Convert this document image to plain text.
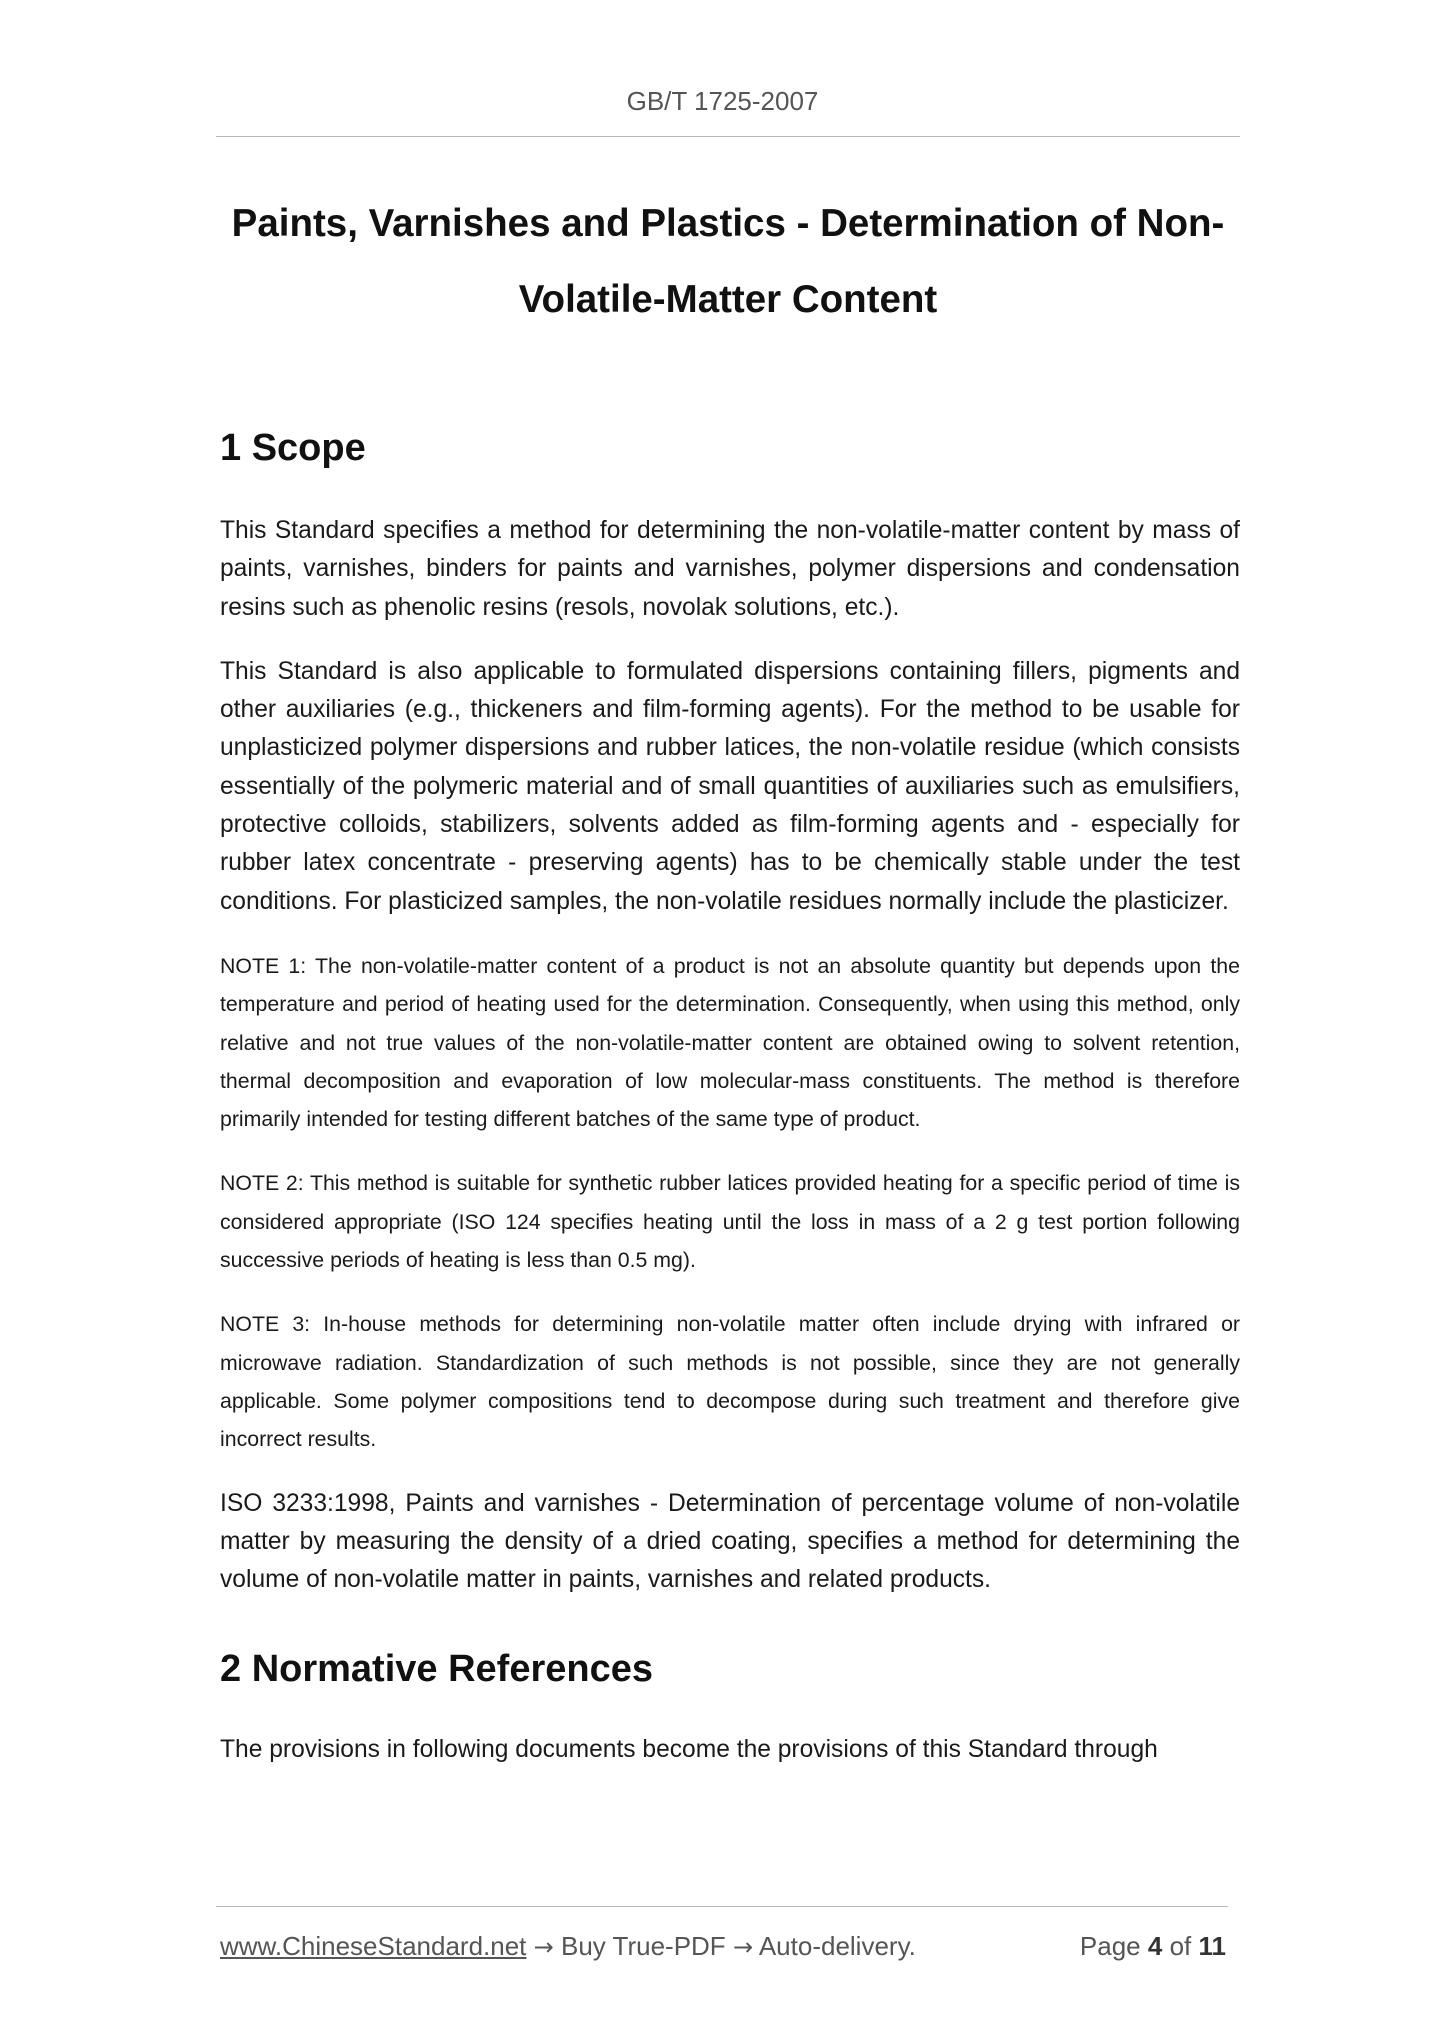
GB/T 1725-2007
Paints, Varnishes and Plastics - Determination of Non-Volatile-Matter Content
1 Scope

This Standard specifies a method for determining the non-volatile-matter content by mass of paints, varnishes, binders for paints and varnishes, polymer dispersions and condensation resins such as phenolic resins (resols, novolak solutions, etc.).

This Standard is also applicable to formulated dispersions containing fillers, pigments and other auxiliaries (e.g., thickeners and film-forming agents). For the method to be usable for unplasticized polymer dispersions and rubber latices, the non-volatile residue (which consists essentially of the polymeric material and of small quantities of auxiliaries such as emulsifiers, protective colloids, stabilizers, solvents added as film-forming agents and - especially for rubber latex concentrate - preserving agents) has to be chemically stable under the test conditions. For plasticized samples, the non-volatile residues normally include the plasticizer.

NOTE 1: The non-volatile-matter content of a product is not an absolute quantity but depends upon the temperature and period of heating used for the determination. Consequently, when using this method, only relative and not true values of the non-volatile-matter content are obtained owing to solvent retention, thermal decomposition and evaporation of low molecular-mass constituents. The method is therefore primarily intended for testing different batches of the same type of product.

NOTE 2: This method is suitable for synthetic rubber latices provided heating for a specific period of time is considered appropriate (ISO 124 specifies heating until the loss in mass of a 2 g test portion following successive periods of heating is less than 0.5 mg).

NOTE 3: In-house methods for determining non-volatile matter often include drying with infrared or microwave radiation. Standardization of such methods is not possible, since they are not generally applicable. Some polymer compositions tend to decompose during such treatment and therefore give incorrect results.

ISO 3233:1998, Paints and varnishes - Determination of percentage volume of non-volatile matter by measuring the density of a dried coating, specifies a method for determining the volume of non-volatile matter in paints, varnishes and related products.

2 Normative References

The provisions in following documents become the provisions of this Standard through

www.ChineseStandard.net → Buy True-PDF → Auto-delivery.	Page 4 of 11
